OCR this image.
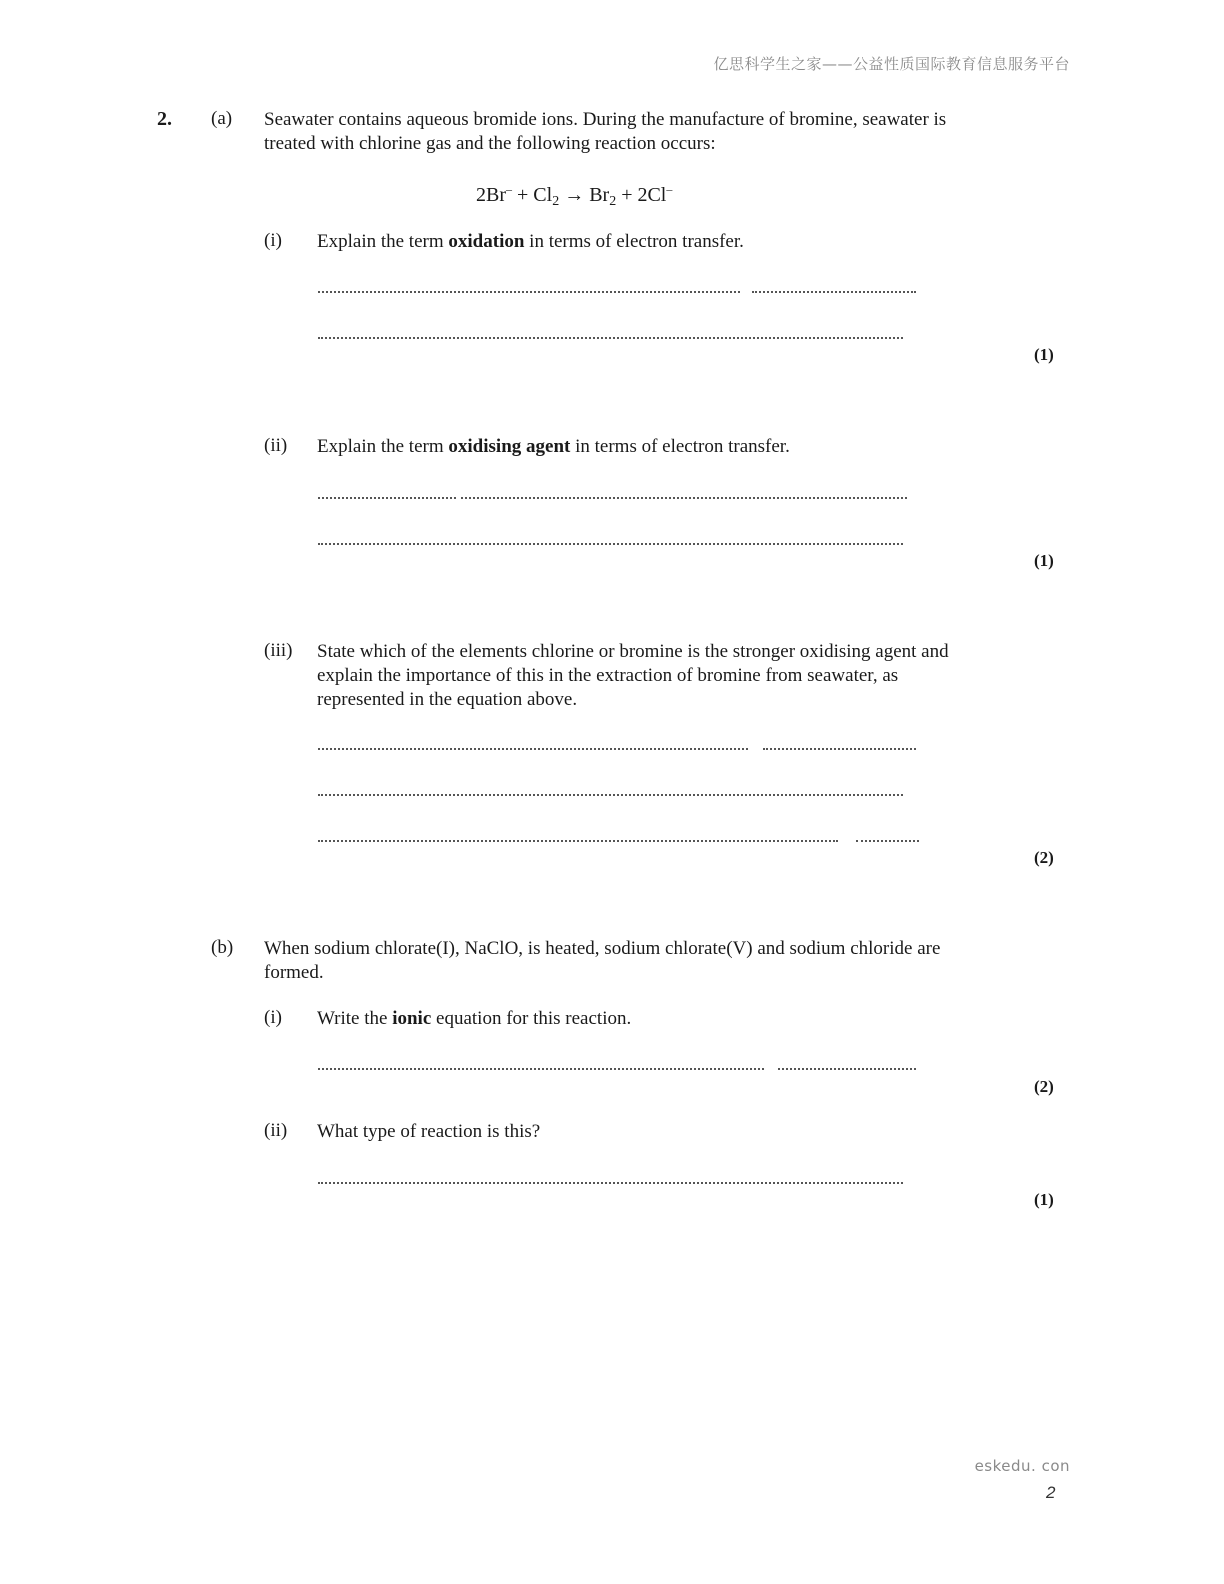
亿思科学生之家——公益性质国际教育信息服务平台
2. (a) Seawater contains aqueous bromide ions. During the manufacture of bromine, seawater is
treated with chlorine gas and the following reaction occurs:
$2Br^- + Cl_2 \to Br_2 + 2Cl^-$
(i) Explain the term oxidation in terms of electron transfer.
(1)
(ii) Explain the term oxidising agent in terms of electron transfer.
(1)
(iii) State which of the elements chlorine or bromine is the stronger oxidising agent and
explain the importance of this in the extraction of bromine from seawater, as
represented in the equation above.
(2)
(b) When sodium chlorate(I), NaClO, is heated, sodium chlorate(V) and sodium chloride are
formed.
(i) Write the ionic equation for this reaction.
(2)
(ii) What type of reaction is this?
(1)
eskedu. con
2
